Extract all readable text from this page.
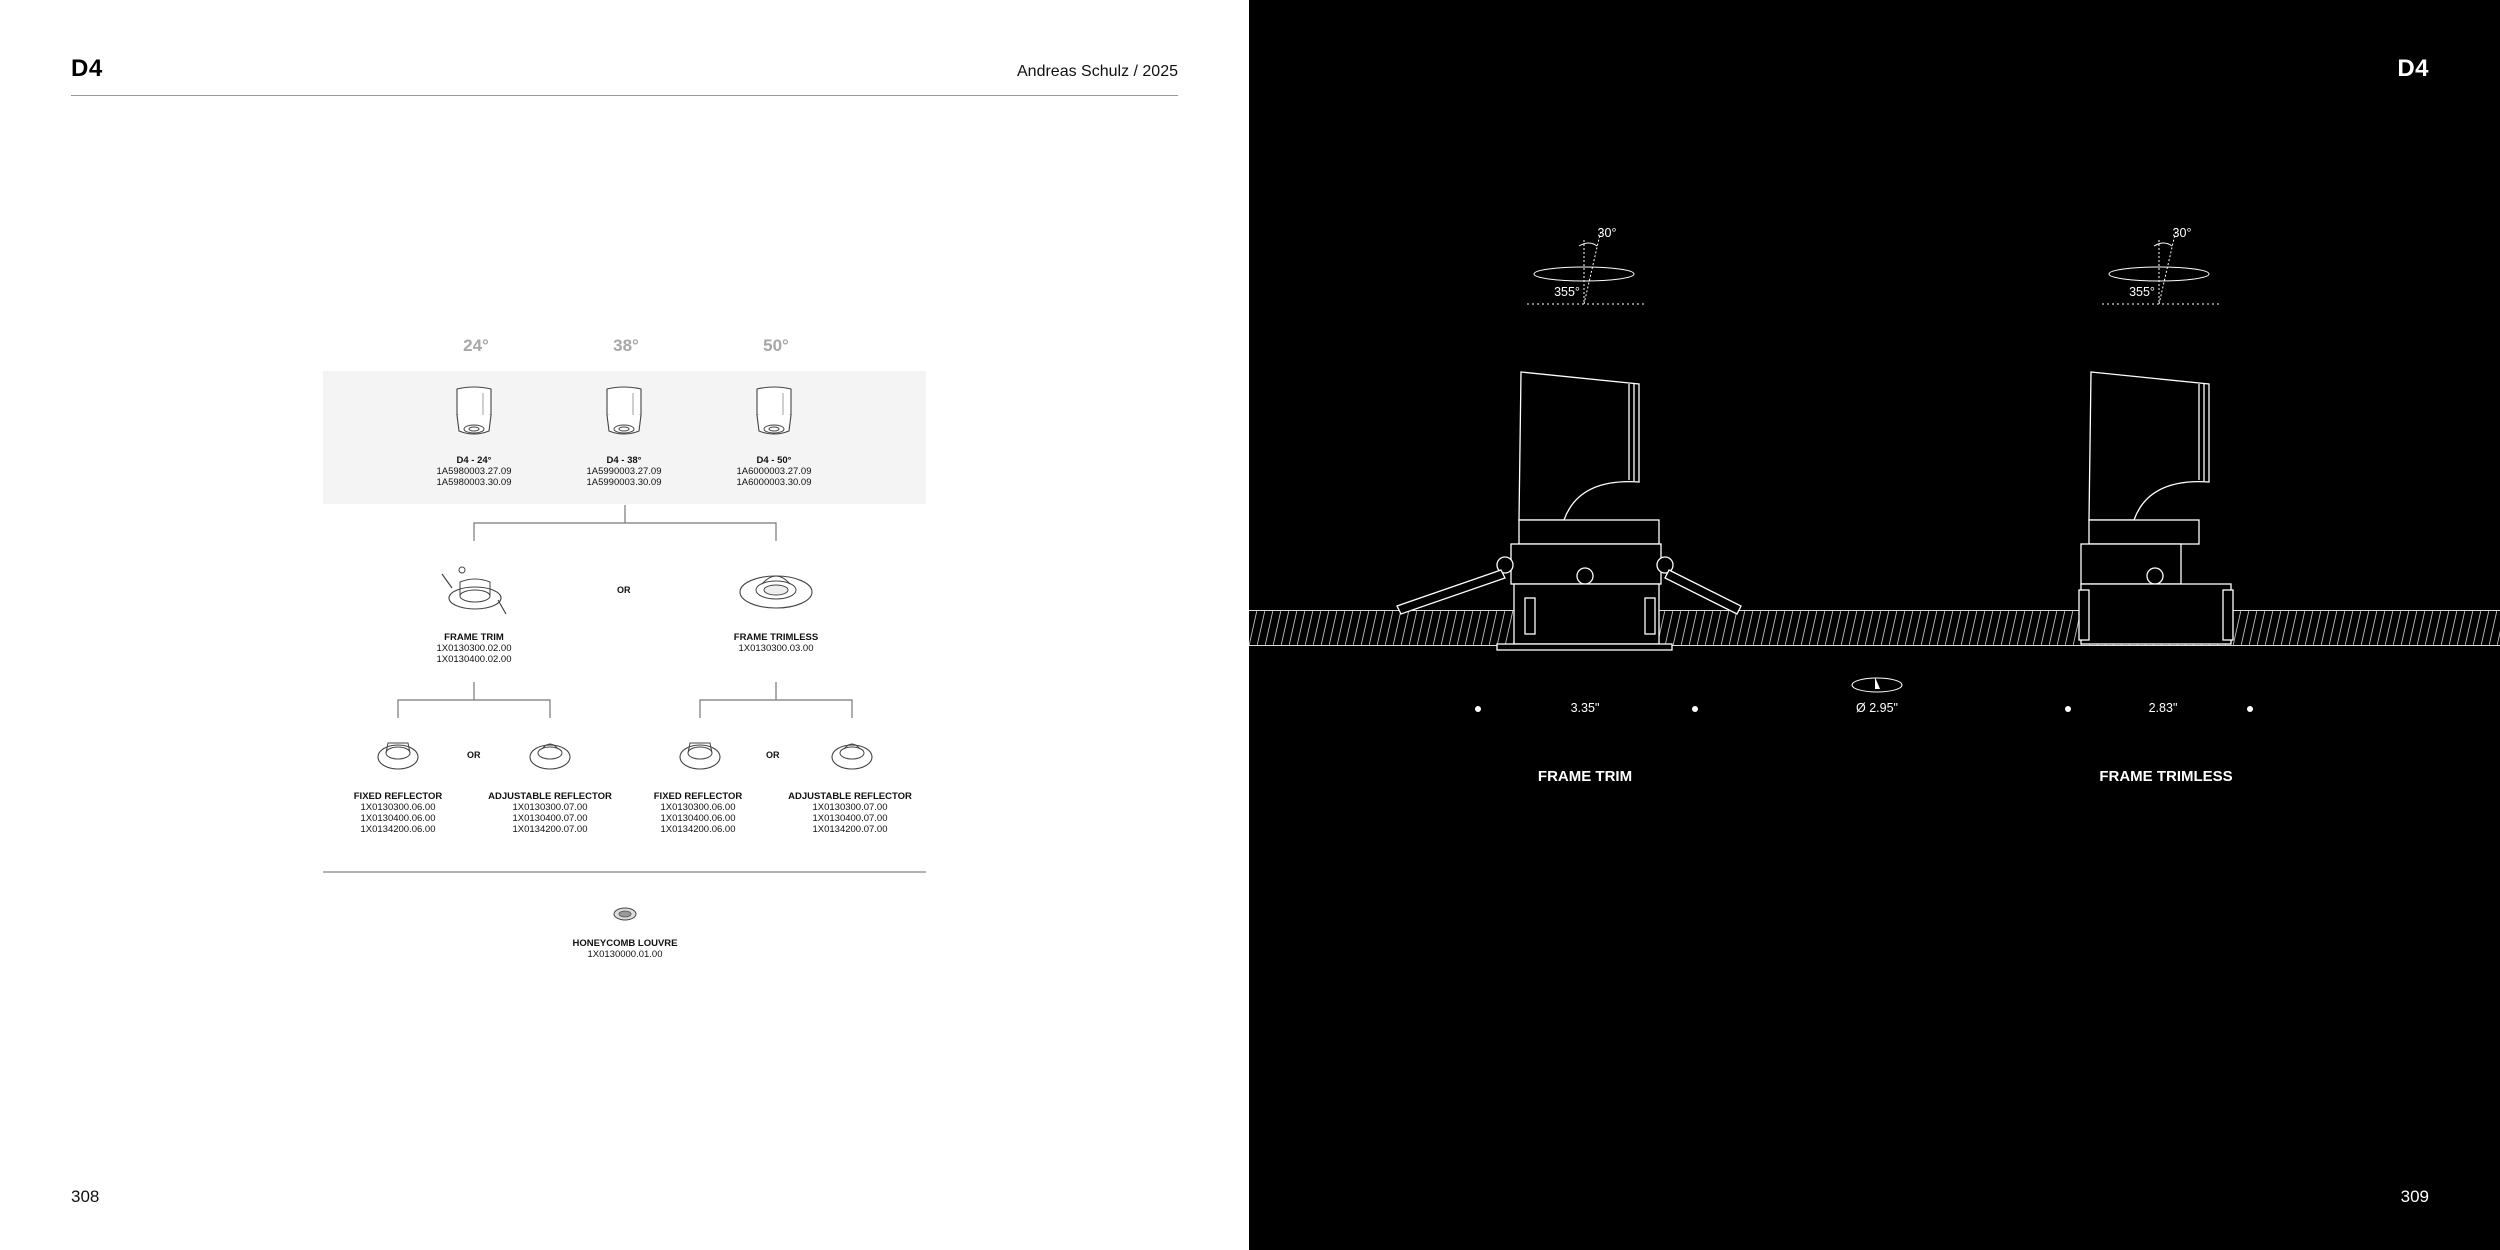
D4	Andreas Schulz / 2025
24°	38°	50°
D4 - 24°
1A5980003.27.09
1A5980003.30.09
D4 - 38°
1A5990003.27.09
1A5990003.30.09
D4 - 50°
1A6000003.27.09
1A6000003.30.09
OR
FRAME TRIM
1X0130300.02.00
1X0130400.02.00
FRAME TRIMLESS
1X0130300.03.00
OR	OR
FIXED REFLECTOR
1X0130300.06.00
1X0130400.06.00
1X0134200.06.00
ADJUSTABLE REFLECTOR
1X0130300.07.00
1X0130400.07.00
1X0134200.07.00
FIXED REFLECTOR
1X0130300.06.00
1X0130400.06.00
1X0134200.06.00
ADJUSTABLE REFLECTOR
1X0130300.07.00
1X0130400.07.00
1X0134200.07.00
HONEYCOMB LOUVRE
1X0130000.01.00
308
D4
30°
355°
30°
355°
3.35"	2.83"
Ø 2.95"
FRAME TRIM	FRAME TRIMLESS
309
